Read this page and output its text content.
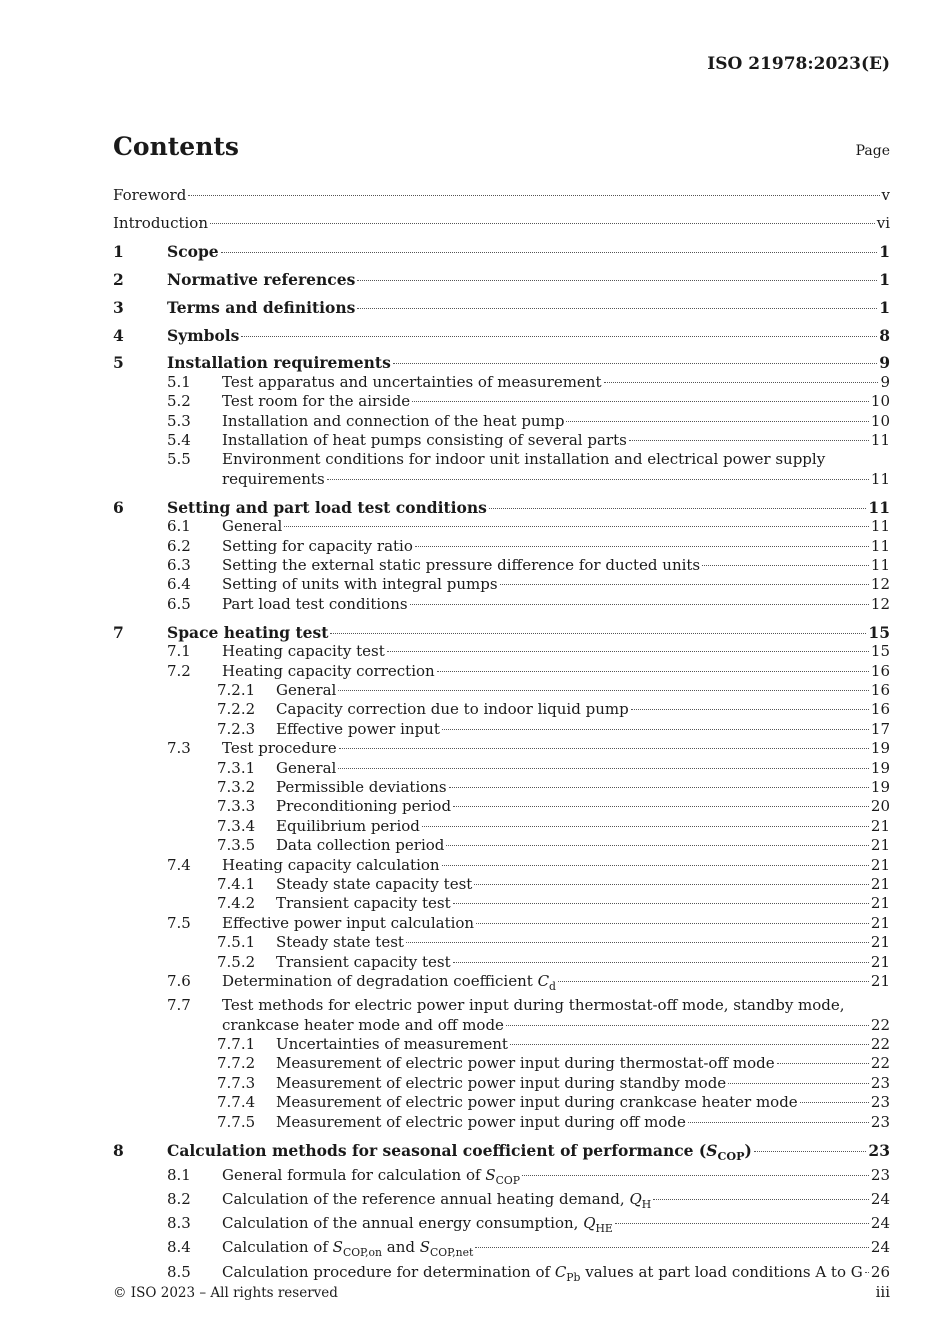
ISO 21978:2023(E)
Contents	Page
Foreword	v
Introduction	vi
1	Scope	1
2	Normative references	1
3	Terms and definitions	1
4	Symbols	8
5	Installation requirements	9
5.1 Test apparatus and uncertainties of measurement	9
5.2 Test room for the airside	10
5.3 Installation and connection of the heat pump	10
5.4 Installation of heat pumps consisting of several parts	11
5.5 Environment conditions for indoor unit installation and electrical power supply
requirements	11
6	Setting and part load test conditions	11
6.1 General	11
6.2 Setting for capacity ratio	11
6.3 Setting the external static pressure difference for ducted units	11
6.4 Setting of units with integral pumps	12
6.5 Part load test conditions	12
7	Space heating test	15
7.1 Heating capacity test	15
7.2 Heating capacity correction	16
7.2.1 General	16
7.2.2 Capacity correction due to indoor liquid pump	16
7.2.3 Effective power input	17
7.3 Test procedure	19
7.3.1 General	19
7.3.2 Permissible deviations	19
7.3.3 Preconditioning period	20
7.3.4 Equilibrium period	21
7.3.5 Data collection period	21
7.4 Heating capacity calculation	21
7.4.1 Steady state capacity test	21
7.4.2 Transient capacity test	21
7.5 Effective power input calculation	21
7.5.1 Steady state test	21
7.5.2 Transient capacity test	21
7.6 Determination of degradation coefficient $C_d$	21
7.7 Test methods for electric power input during thermostat-off mode, standby mode,
crankcase heater mode and off mode	22
7.7.1 Uncertainties of measurement	22
7.7.2 Measurement of electric power input during thermostat-off mode	22
7.7.3 Measurement of electric power input during standby mode	23
7.7.4 Measurement of electric power input during crankcase heater mode	23
7.7.5 Measurement of electric power input during off mode	23
8	Calculation methods for seasonal coefficient of performance $(S_{COP})$	23
8.1 General formula for calculation of $S_{COP}$	23
8.2 Calculation of the reference annual heating demand, $Q_H$	24
8.3 Calculation of the annual energy consumption, $Q_{HE}$	24
8.4 Calculation of $S_{COP,on}$ and $S_{COP,net}$	24
8.5 Calculation procedure for determination of $C_{Pb}$ values at part load conditions A to G 26
© ISO 2023 – All rights reserved	iii
